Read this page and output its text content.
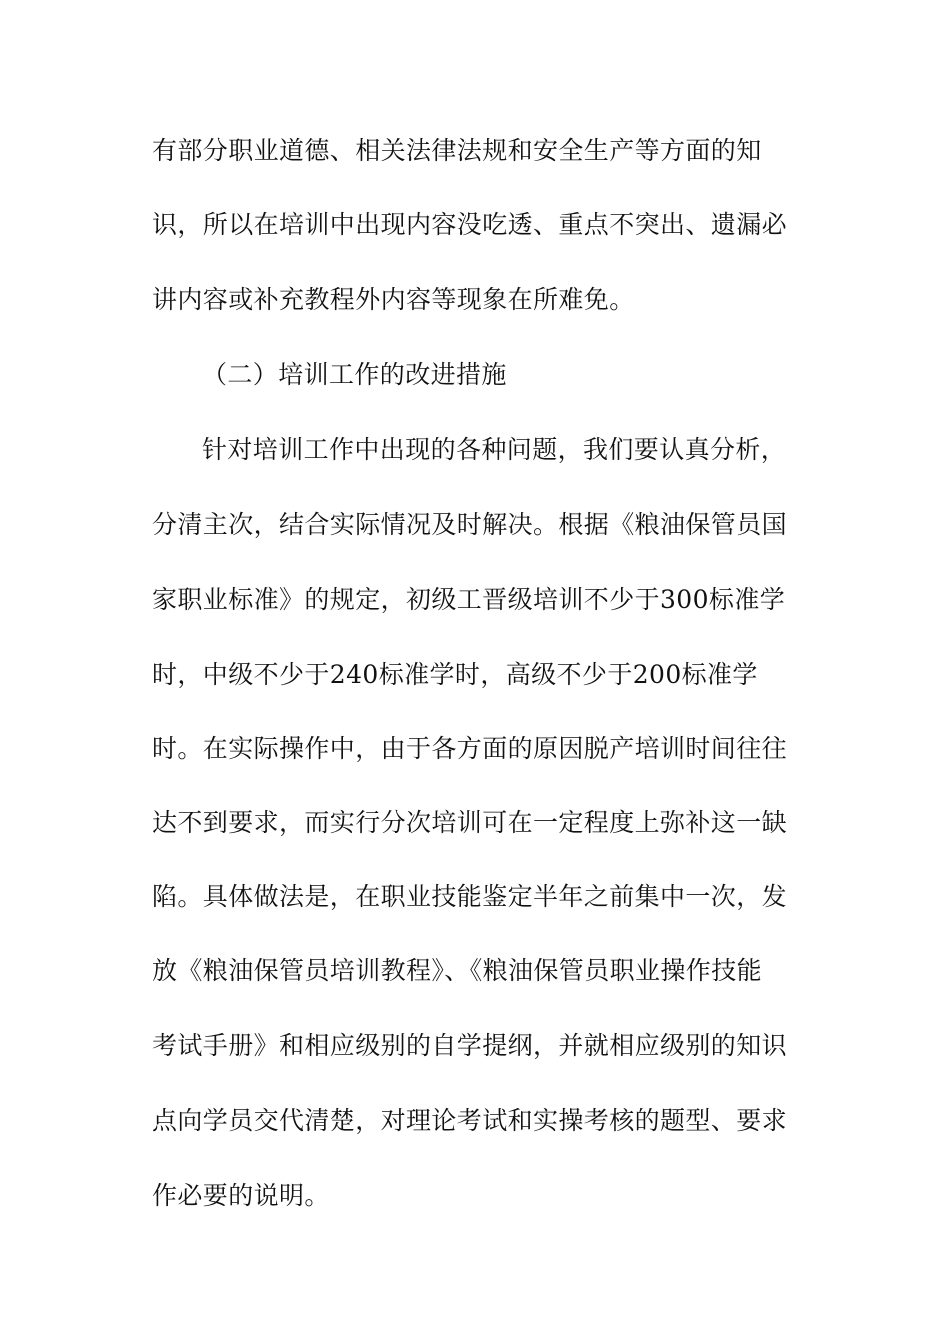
有部分职业道德、相关法律法规和安全生产等方面的知
识，所以在培训中出现内容没吃透、重点不突出、遗漏必
讲内容或补充教程外内容等现象在所难免。
（二）培训工作的改进措施
针对培训工作中出现的各种问题，我们要认真分析，
分清主次，结合实际情况及时解决。根据《粮油保管员国
家职业标准》的规定，初级工晋级培训不少于300标准学
时，中级不少于240标准学时，高级不少于200标准学
时。在实际操作中，由于各方面的原因脱产培训时间往往
达不到要求，而实行分次培训可在一定程度上弥补这一缺
陷。具体做法是，在职业技能鉴定半年之前集中一次，发
放《粮油保管员培训教程》、《粮油保管员职业操作技能
考试手册》和相应级别的自学提纲，并就相应级别的知识
点向学员交代清楚，对理论考试和实操考核的题型、要求
作必要的说明。
